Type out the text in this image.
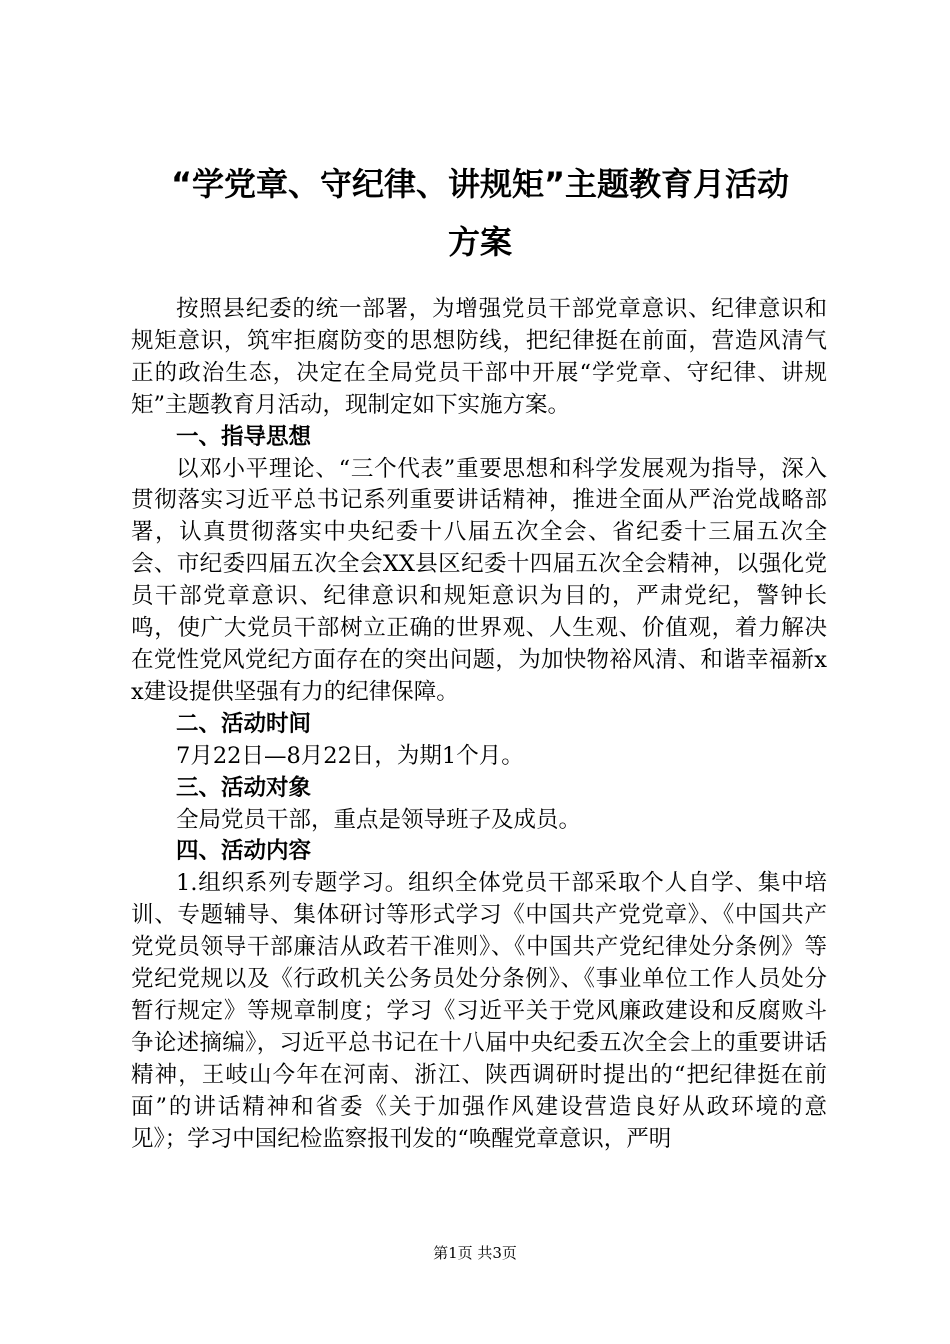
“学党章、守纪律、讲规矩”主题教育月活动
方案

按照县纪委的统一部署，为增强党员干部党章意识、纪律意识和规矩意识，筑牢拒腐防变的思想防线，把纪律挺在前面，营造风清气正的政治生态，决定在全局党员干部中开展“学党章、守纪律、讲规矩”主题教育月活动，现制定如下实施方案。

一、指导思想

以邓小平理论、“三个代表”重要思想和科学发展观为指导，深入贯彻落实习近平总书记系列重要讲话精神，推进全面从严治党战略部署，认真贯彻落实中央纪委十八届五次全会、省纪委十三届五次全会、市纪委四届五次全会XX县区纪委十四届五次全会精神，以强化党员干部党章意识、纪律意识和规矩意识为目的，严肃党纪，警钟长鸣，使广大党员干部树立正确的世界观、人生观、价值观，着力解决在党性党风党纪方面存在的突出问题，为加快物裕风清、和谐幸福新xx建设提供坚强有力的纪律保障。

二、活动时间

7月22日—8月22日，为期1个月。

三、活动对象

全局党员干部，重点是领导班子及成员。

四、活动内容

1.组织系列专题学习。组织全体党员干部采取个人自学、集中培训、专题辅导、集体研讨等形式学习《中国共产党党章》、《中国共产党党员领导干部廉洁从政若干准则》、《中国共产党纪律处分条例》等党纪党规以及《行政机关公务员处分条例》、《事业单位工作人员处分暂行规定》等规章制度；学习《习近平关于党风廉政建设和反腐败斗争论述摘编》，习近平总书记在十八届中央纪委五次全会上的重要讲话精神，王岐山今年在河南、浙江、陕西调研时提出的“把纪律挺在前面”的讲话精神和省委《关于加强作风建设营造良好从政环境的意见》；学习中国纪检监察报刊发的“唤醒党章意识，严明

第1页 共3页
